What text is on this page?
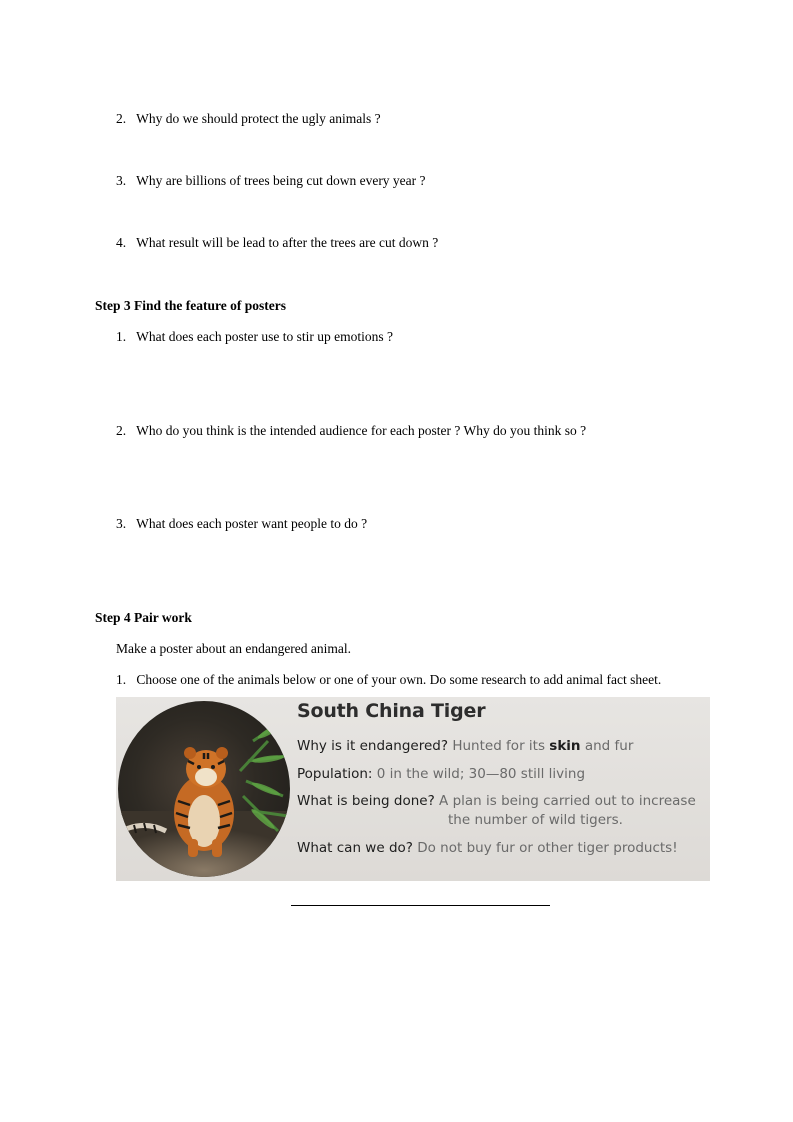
2. Why do we should protect the ugly animals ?
3. Why are billions of trees being cut down every year ?
4. What result will be lead to after the trees are cut down ?
Step 3 Find the feature of posters
1. What does each poster use to stir up emotions ?
2. Who do you think is the intended audience for each poster ? Why do you think so ?
3. What does each poster want people to do ?
Step 4 Pair work
Make a poster about an endangered animal.
1. Choose one of the animals below or one of your own. Do some research to add animal fact sheet.
South China Tiger
Why is it endangered? Hunted for its skin and fur
Population: 0 in the wild; 30—80 still living
What is being done? A plan is being carried out to increase
the number of wild tigers.
What can we do? Do not buy fur or other tiger products!
